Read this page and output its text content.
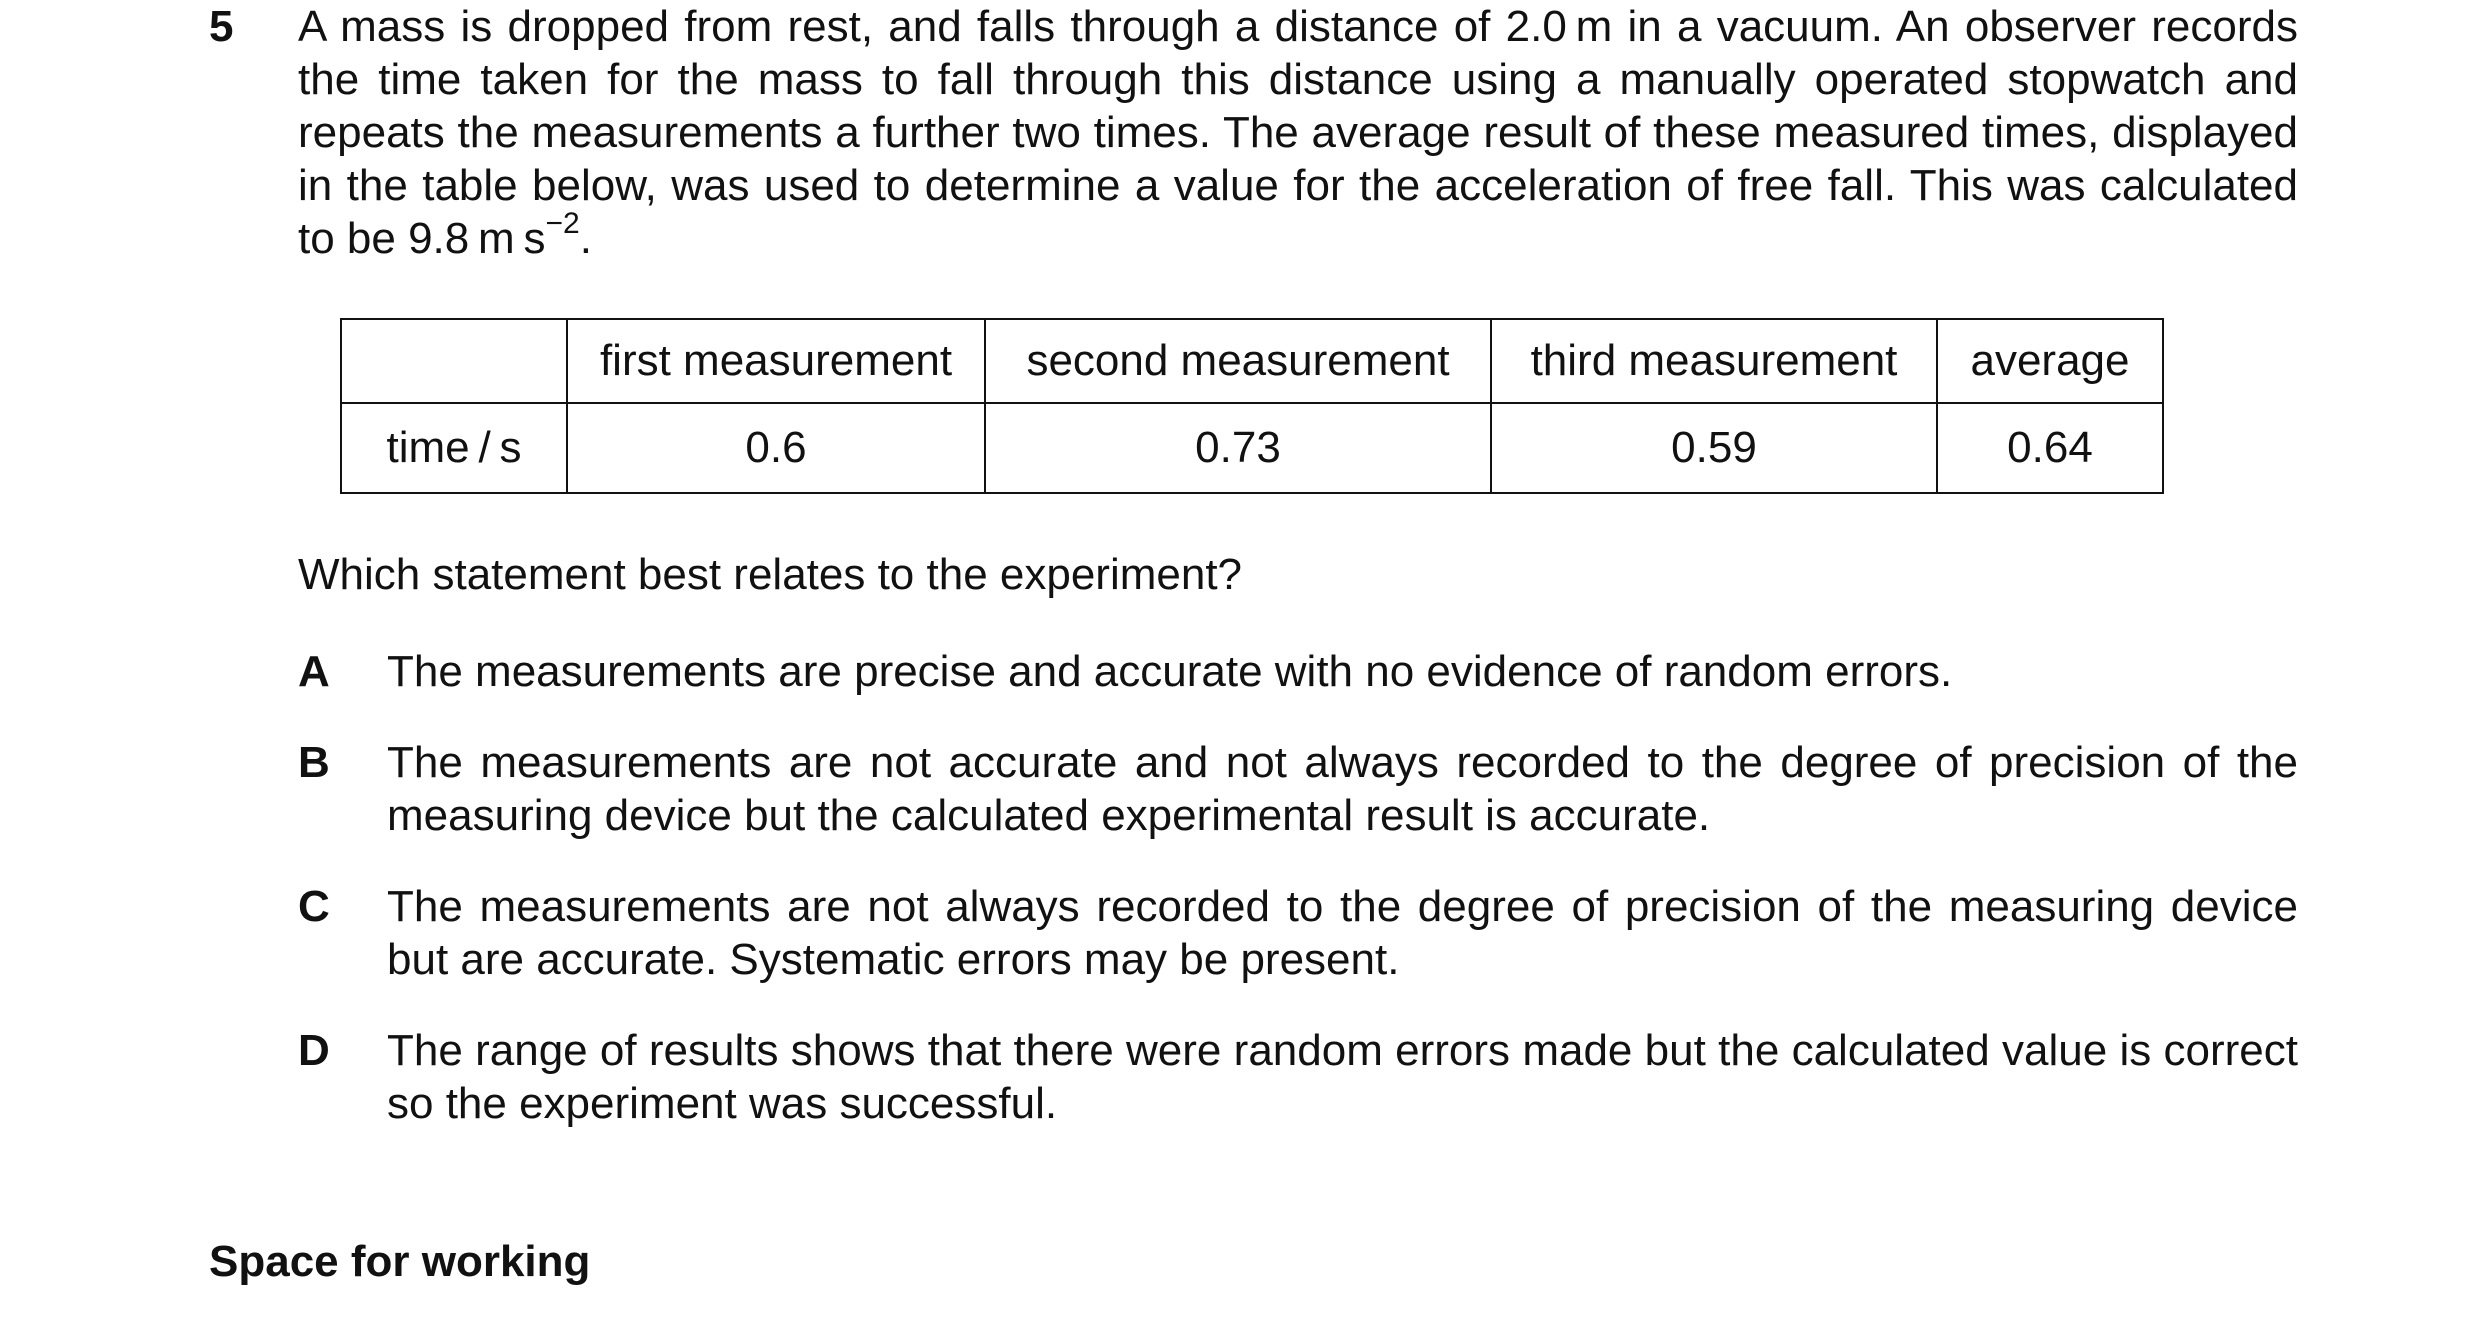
5 A mass is dropped from rest, and falls through a distance of 2.0 m in a vacuum. An observer records the time taken for the mass to fall through this distance using a manually operated stopwatch and repeats the measurements a further two times. The average result of these measured times, displayed in the table below, was used to determine a value for the acceleration of free fall. This was calculated to be 9.8 m $s^{-2}$.

	first measurement	second measurement	third measurement	average
time / s	0.6	0.73	0.59	0.64
Which statement best relates to the experiment?
A The measurements are precise and accurate with no evidence of random errors.
B The measurements are not accurate and not always recorded to the degree of precision of the measuring device but the calculated experimental result is accurate.
C The measurements are not always recorded to the degree of precision of the measuring device but are accurate. Systematic errors may be present.
D The range of results shows that there were random errors made but the calculated value is correct so the experiment was successful.
Space for working
